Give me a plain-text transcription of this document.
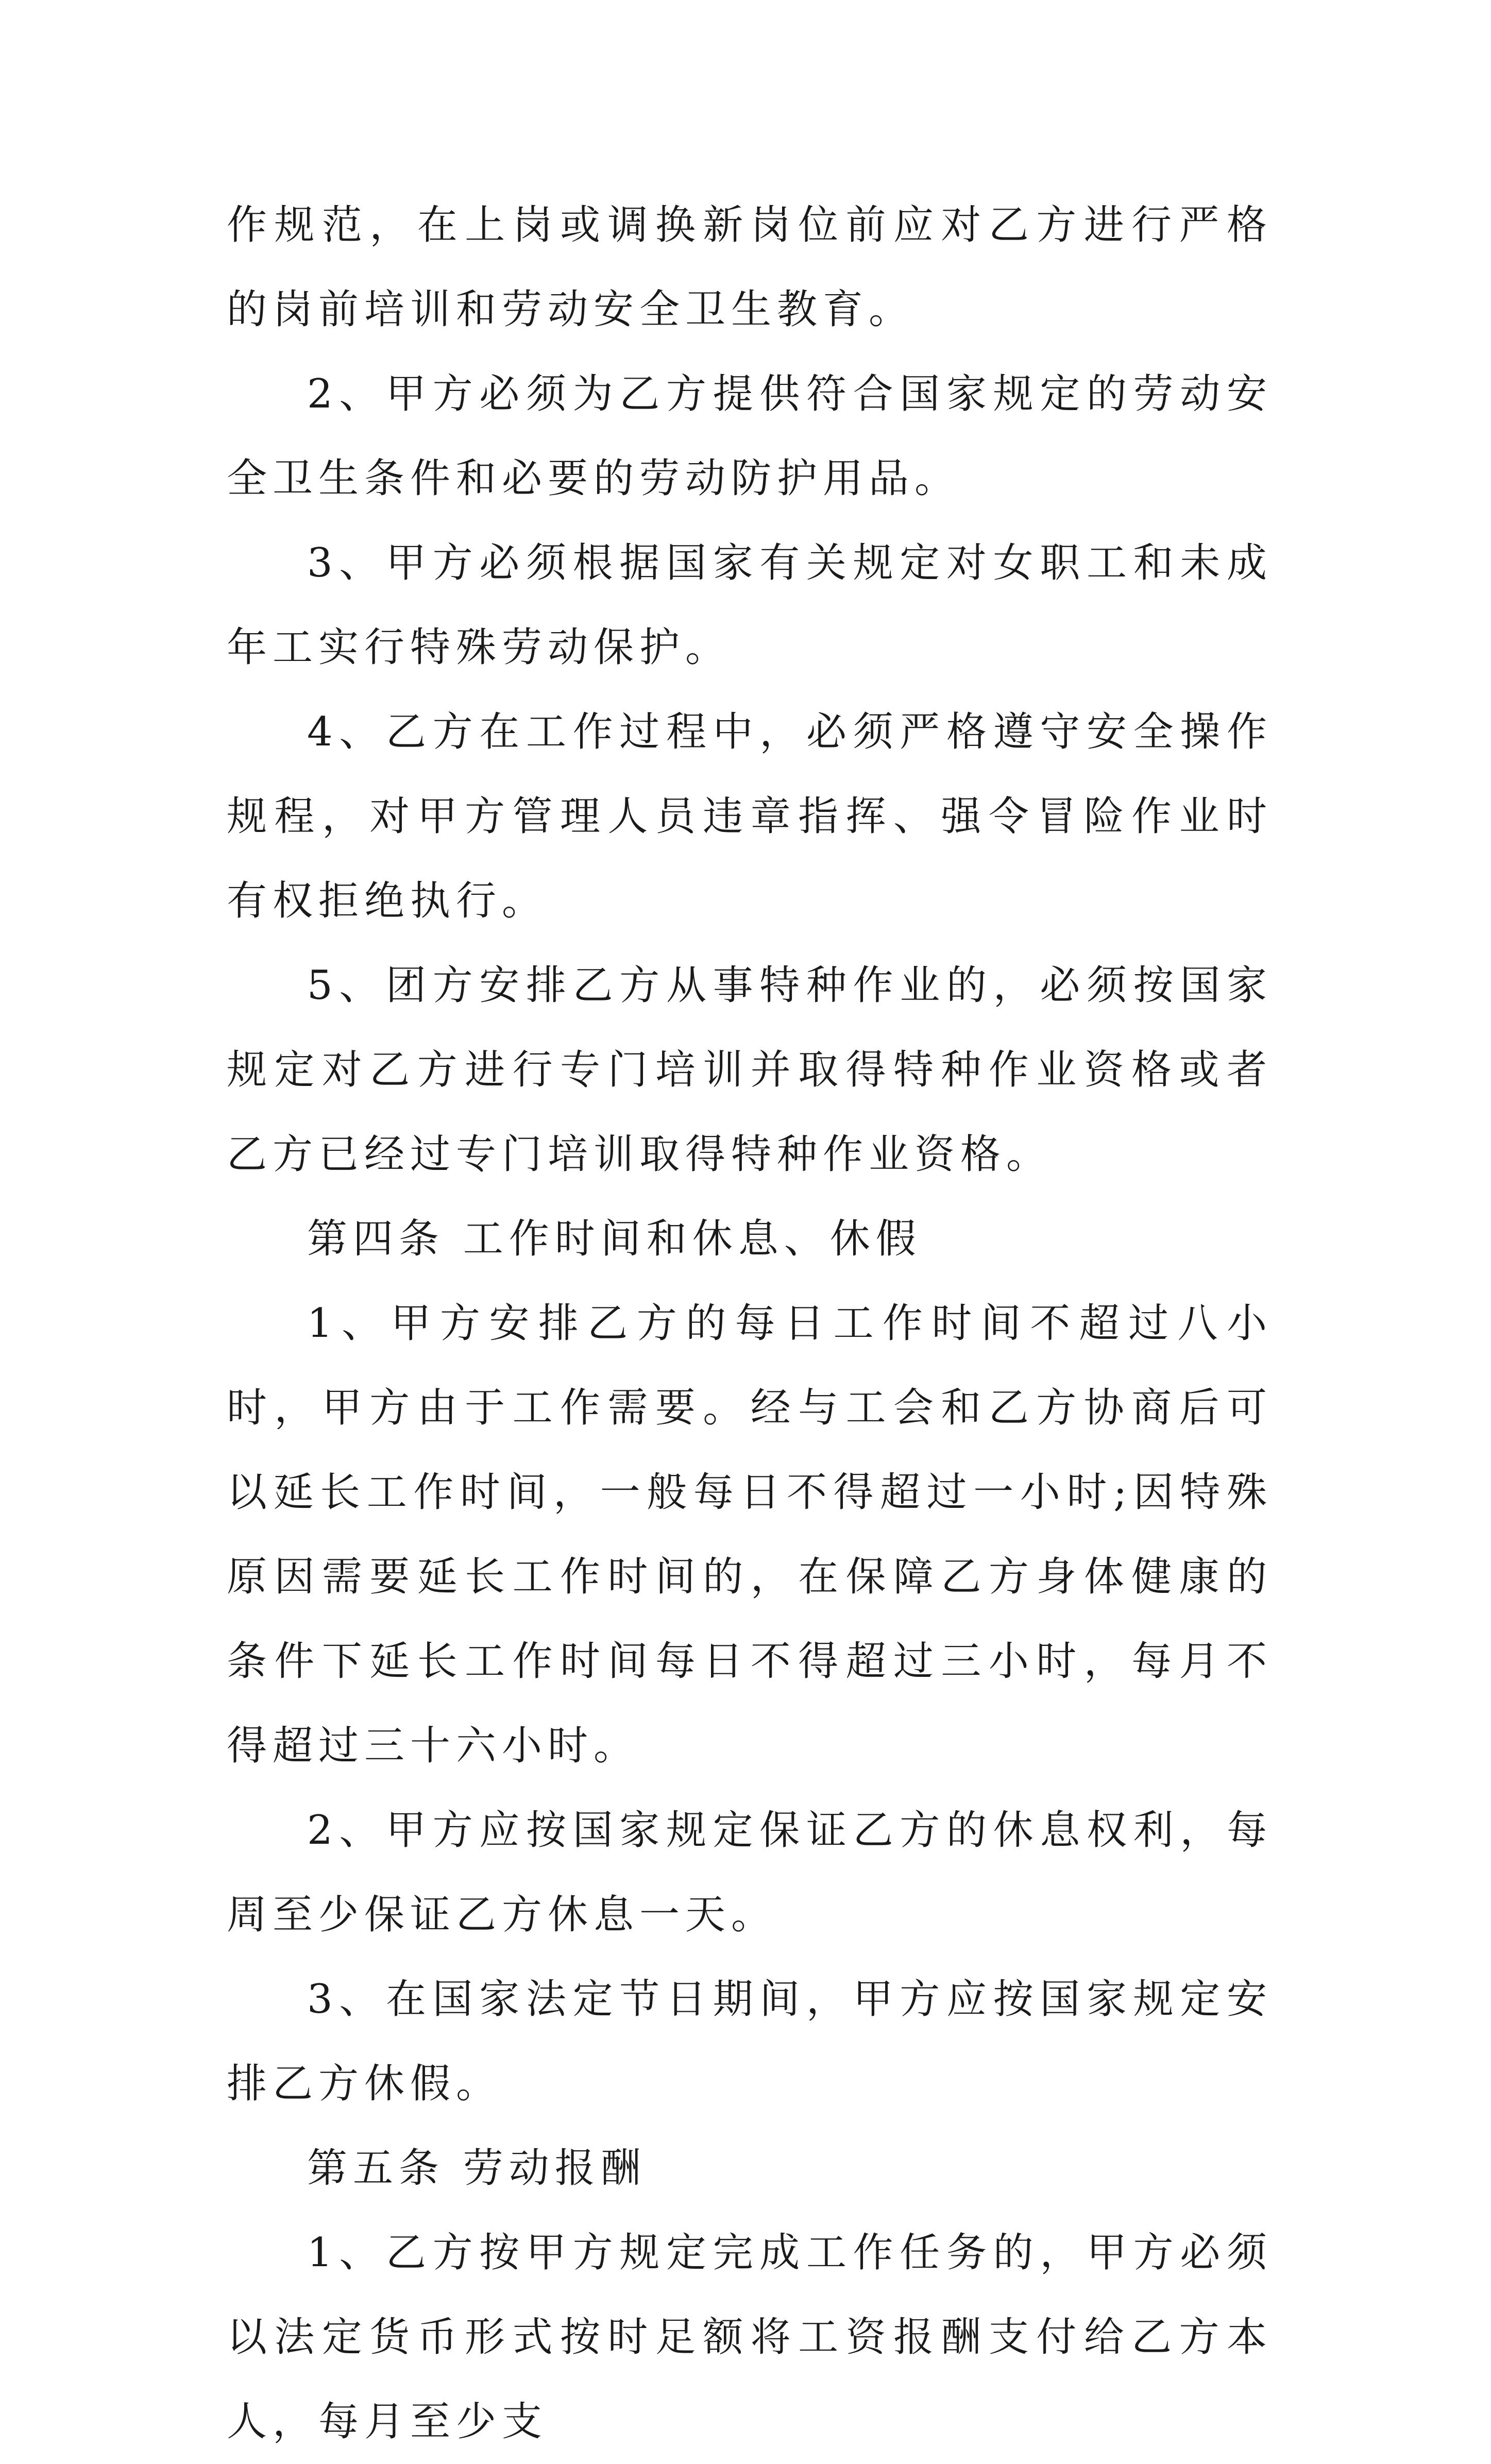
作规范，在上岗或调换新岗位前应对乙方进行严格的岗前培训和劳动安全卫生教育。

2、甲方必须为乙方提供符合国家规定的劳动安全卫生条件和必要的劳动防护用品。

3、甲方必须根据国家有关规定对女职工和未成年工实行特殊劳动保护。

4、乙方在工作过程中，必须严格遵守安全操作规程，对甲方管理人员违章指挥、强令冒险作业时有权拒绝执行。

5、团方安排乙方从事特种作业的，必须按国家规定对乙方进行专门培训并取得特种作业资格或者乙方已经过专门培训取得特种作业资格。

第四条 工作时间和休息、休假

1、甲方安排乙方的每日工作时间不超过八小时，甲方由于工作需要。经与工会和乙方协商后可以延长工作时间，一般每日不得超过一小时;因特殊原因需要延长工作时间的，在保障乙方身体健康的条件下延长工作时间每日不得超过三小时，每月不得超过三十六小时。

2、甲方应按国家规定保证乙方的休息权利，每周至少保证乙方休息一天。

3、在国家法定节日期间，甲方应按国家规定安排乙方休假。

第五条 劳动报酬

1、乙方按甲方规定完成工作任务的，甲方必须以法定货币形式按时足额将工资报酬支付给乙方本人，每月至少支
